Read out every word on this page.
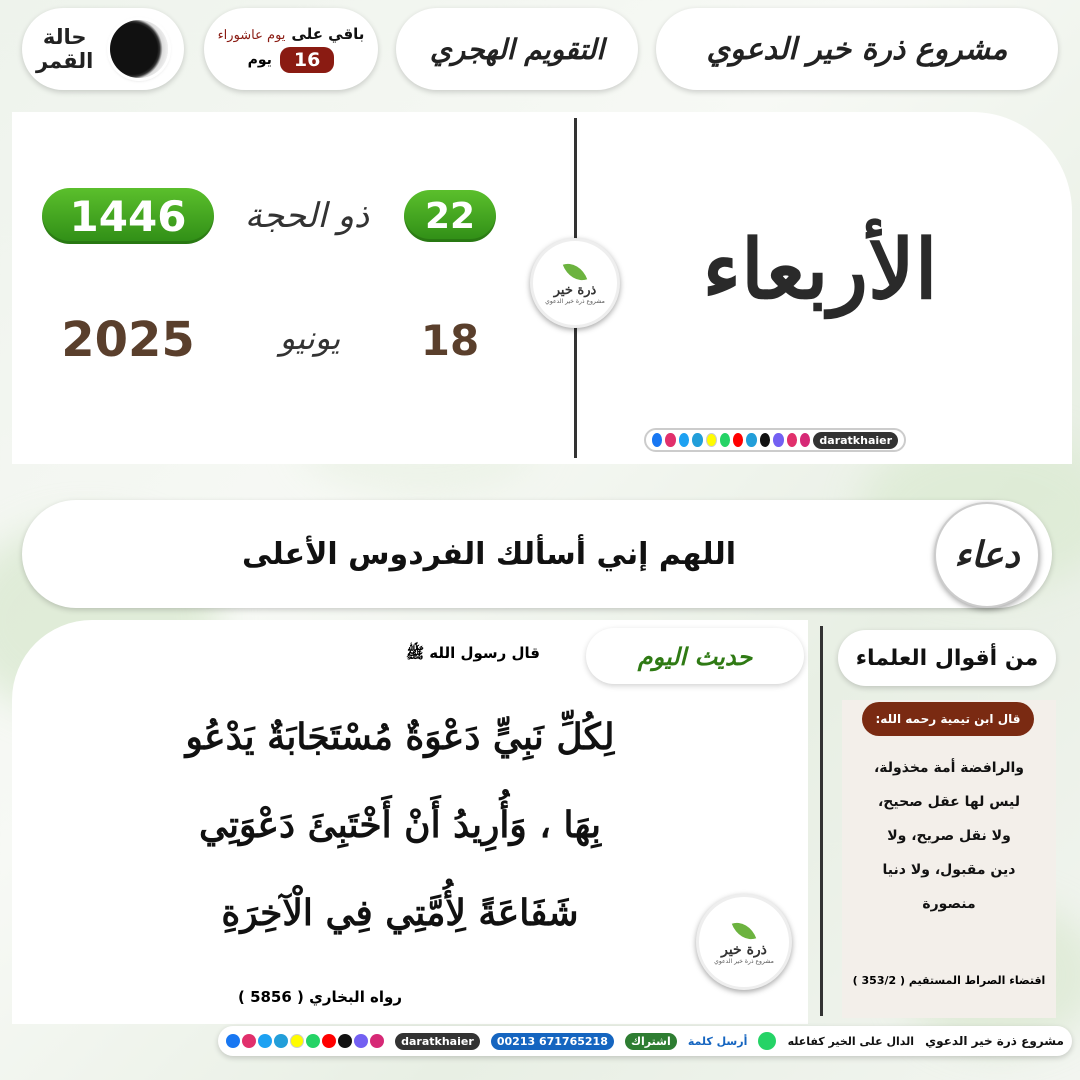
حالة
القمر
باقي على
يوم عاشوراء
16
يوم	التقويم الهجري	مشروع ذرة خير الدعوي
الأربعاء
ذرة خير
مشروع ذرة خير الدعوي
22
ذو الحجة
1446
18
يونيو
2025
daratkhaier
اللهم إني أسألك الفردوس الأعلى	دعاء
حديث اليوم
قال رسول الله ﷺ
لِكُلِّ نَبِيٍّ دَعْوَةٌ مُسْتَجَابَةٌ يَدْعُو
بِهَا ، وَأُرِيدُ أَنْ أَخْتَبِئَ دَعْوَتِي
شَفَاعَةً لِأُمَّتِي فِي الْآخِرَةِ
رواه البخاري ( 5856 )
ذرة خير
مشروع ذرة خير الدعوي
من أقوال العلماء
قال ابن تيمية رحمه الله:
والرافضة أمة مخذولة،
ليس لها عقل صحيح،
ولا نقل صريح، ولا
دين مقبول، ولا دنيا
منصورة
اقتضاء الصراط المستقيم ( 353/2 )
daratkhaier	00213 671765218	اشتراك	أرسل كلمة	الدال على الخير كفاعله مشروع ذرة خير الدعوي
